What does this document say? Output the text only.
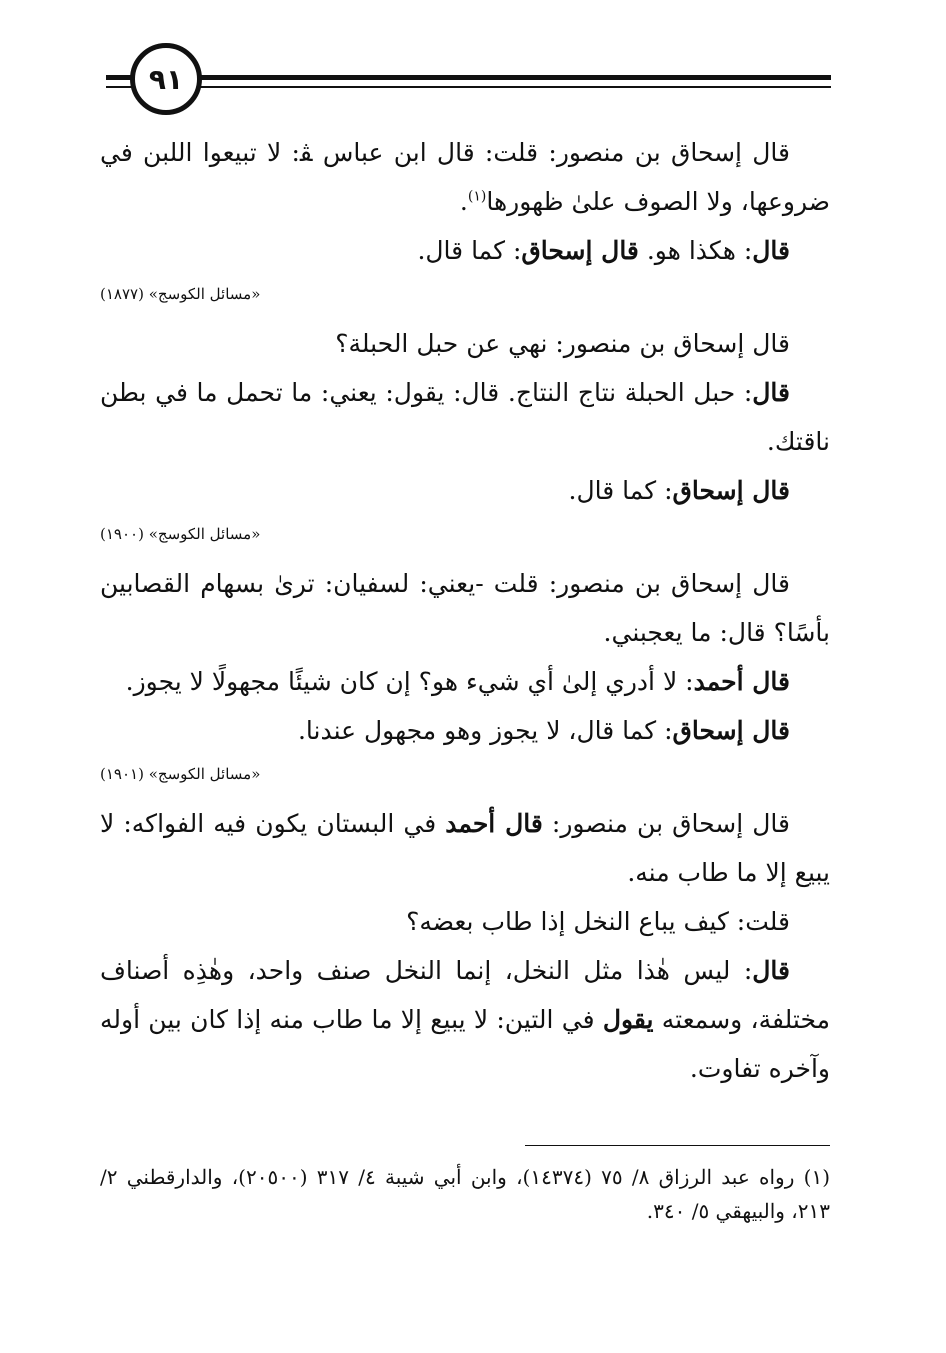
٩١

قال إسحاق بن منصور: قلت: قال ابن عباس ﭭ: لا تبيعوا اللبن في ضروعها، ولا الصوف علىٰ ظهورها$^{(١)}$.

قال: هكذا هو. قال إسحاق: كما قال.

«مسائل الكوسج» (١٨٧٧)

قال إسحاق بن منصور: نهي عن حبل الحبلة؟

قال: حبل الحبلة نتاج النتاج. قال: يقول: يعني: ما تحمل ما في بطن ناقتك.

قال إسحاق: كما قال.

«مسائل الكوسج» (١٩٠٠)

قال إسحاق بن منصور: قلت -يعني: لسفيان: ترىٰ بسهام القصابين بأسًا؟ قال: ما يعجبني.

قال أحمد: لا أدري إلىٰ أي شيء هو؟ إن كان شيئًا مجهولًا لا يجوز.

قال إسحاق: كما قال، لا يجوز وهو مجهول عندنا.

«مسائل الكوسج» (١٩٠١)

قال إسحاق بن منصور: قال أحمد في البستان يكون فيه الفواكه: لا يبيع إلا ما طاب منه.

قلت: كيف يباع النخل إذا طاب بعضه؟

قال: ليس هٰذا مثل النخل، إنما النخل صنف واحد، وهٰذِه أصناف مختلفة، وسمعته يقول في التين: لا يبيع إلا ما طاب منه إذا كان بين أوله وآخره تفاوت.

(١) رواه عبد الرزاق ٨/ ٧٥ (١٤٣٧٤)، وابن أبي شيبة ٤/ ٣١٧ (٢٠٥٠٠)، والدارقطني ٢/ ٢١٣، والبيهقي ٥/ ٣٤٠.
